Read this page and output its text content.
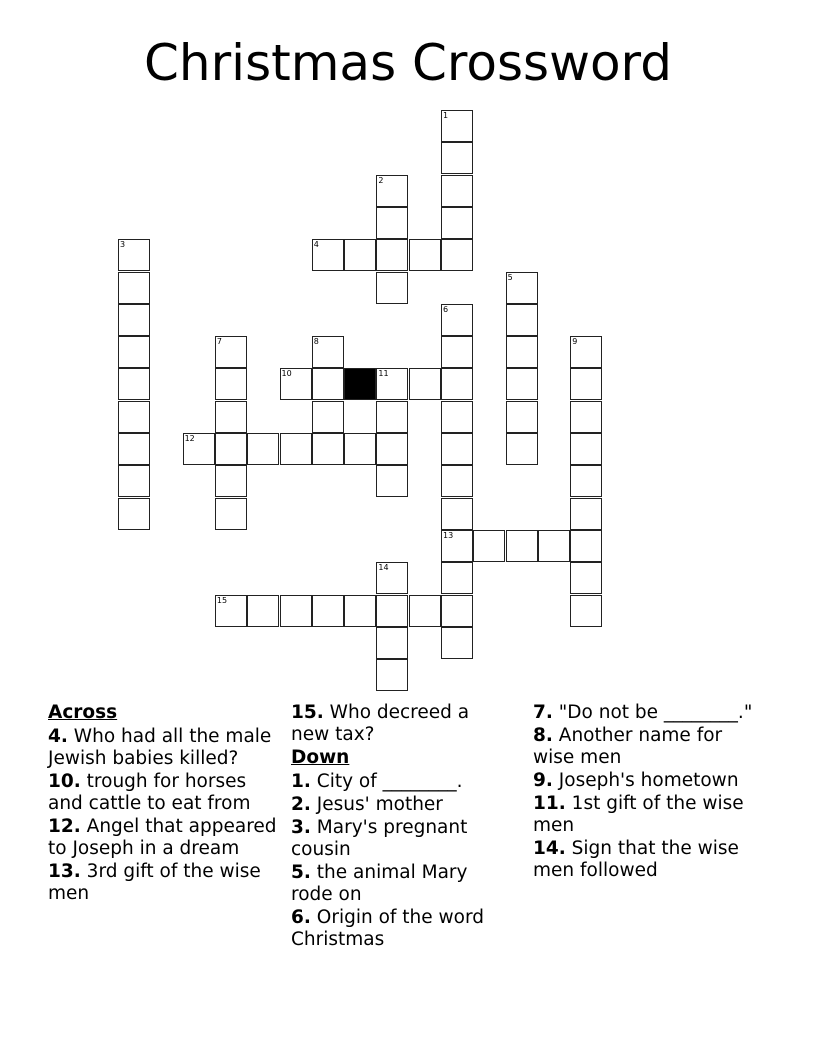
Christmas Crossword
1
2
3	4
5
6
13
7	8	9
10	11
12
14
15
Across
4. Who had all the male Jewish babies killed?
10. trough for horses and cattle to eat from
12. Angel that appeared to Joseph in a dream
13. 3rd gift of the wise men
15. Who decreed a new tax?
Down
1. City of ________.
2. Jesus' mother
3. Mary's pregnant cousin
5. the animal Mary rode on
6. Origin of the word Christmas
7. "Do not be ________."
8. Another name for wise men
9. Joseph's hometown
11. 1st gift of the wise men
14. Sign that the wise men followed
